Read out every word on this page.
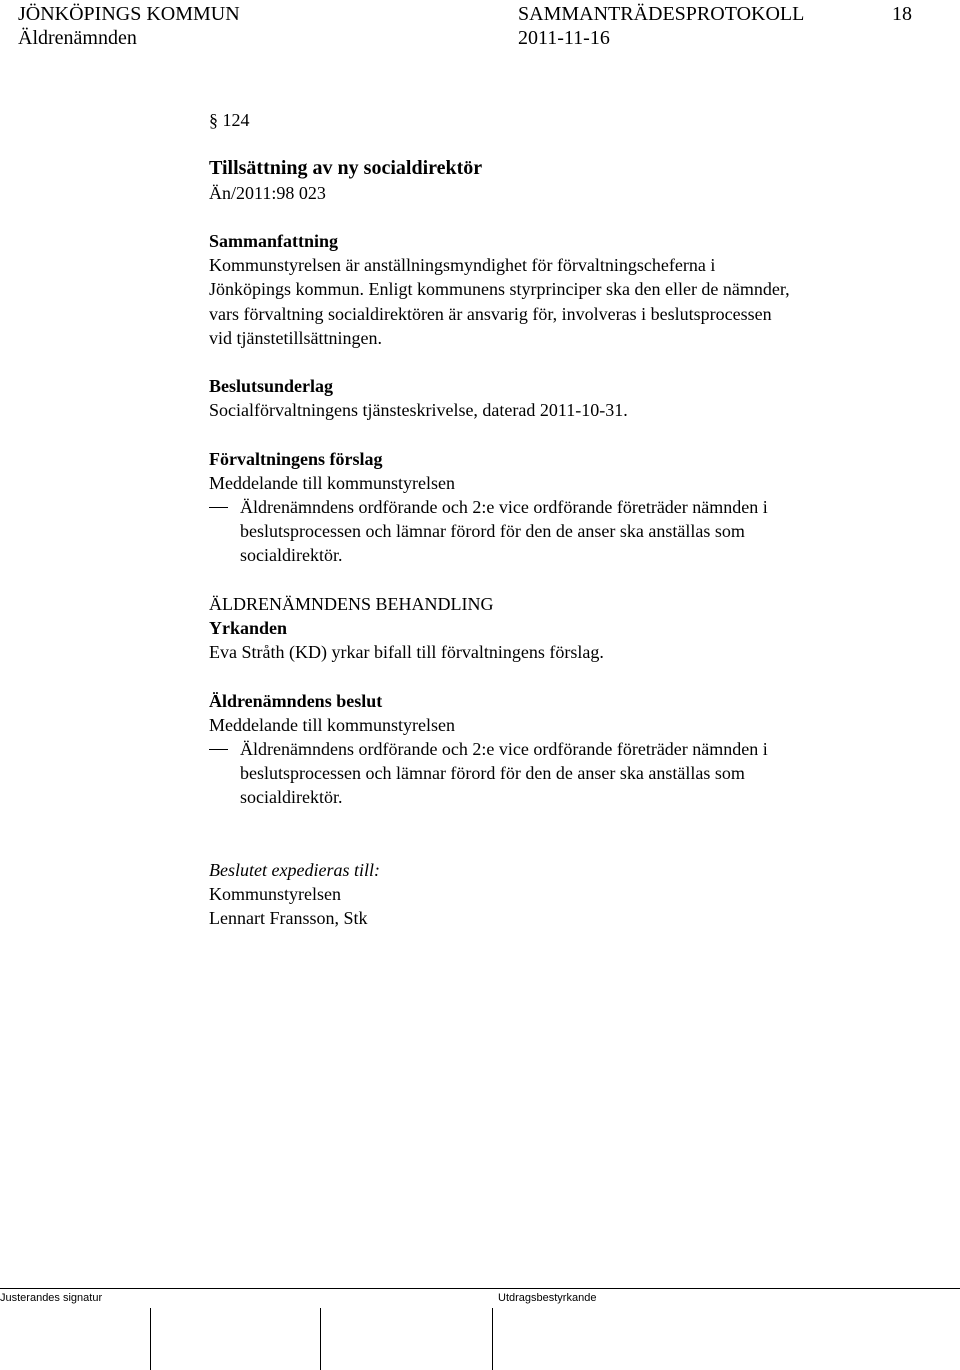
JÖNKÖPINGS KOMMUN	SAMMANTRÄDESPROTOKOLL	18
Äldrenämnden	2011-11-16
§ 124
Tillsättning av ny socialdirektör
Än/2011:98 023
Sammanfattning
Kommunstyrelsen är anställningsmyndighet för förvaltningscheferna i
Jönköpings kommun. Enligt kommunens styrprinciper ska den eller de nämnder,
vars förvaltning socialdirektören är ansvarig för, involveras i beslutsprocessen
vid tjänstetillsättningen.
Beslutsunderlag
Socialförvaltningens tjänsteskrivelse, daterad 2011-10-31.
Förvaltningens förslag
Meddelande till kommunstyrelsen
Äldrenämndens ordförande och 2:e vice ordförande företräder nämnden i
beslutsprocessen och lämnar förord för den de anser ska anställas som
socialdirektör.
ÄLDRENÄMNDENS BEHANDLING
Yrkanden
Eva Stråth (KD) yrkar bifall till förvaltningens förslag.
Äldrenämndens beslut
Meddelande till kommunstyrelsen
Äldrenämndens ordförande och 2:e vice ordförande företräder nämnden i
beslutsprocessen och lämnar förord för den de anser ska anställas som
socialdirektör.
Beslutet expedieras till:
Kommunstyrelsen
Lennart Fransson, Stk
Justerandes signatur	Utdragsbestyrkande
